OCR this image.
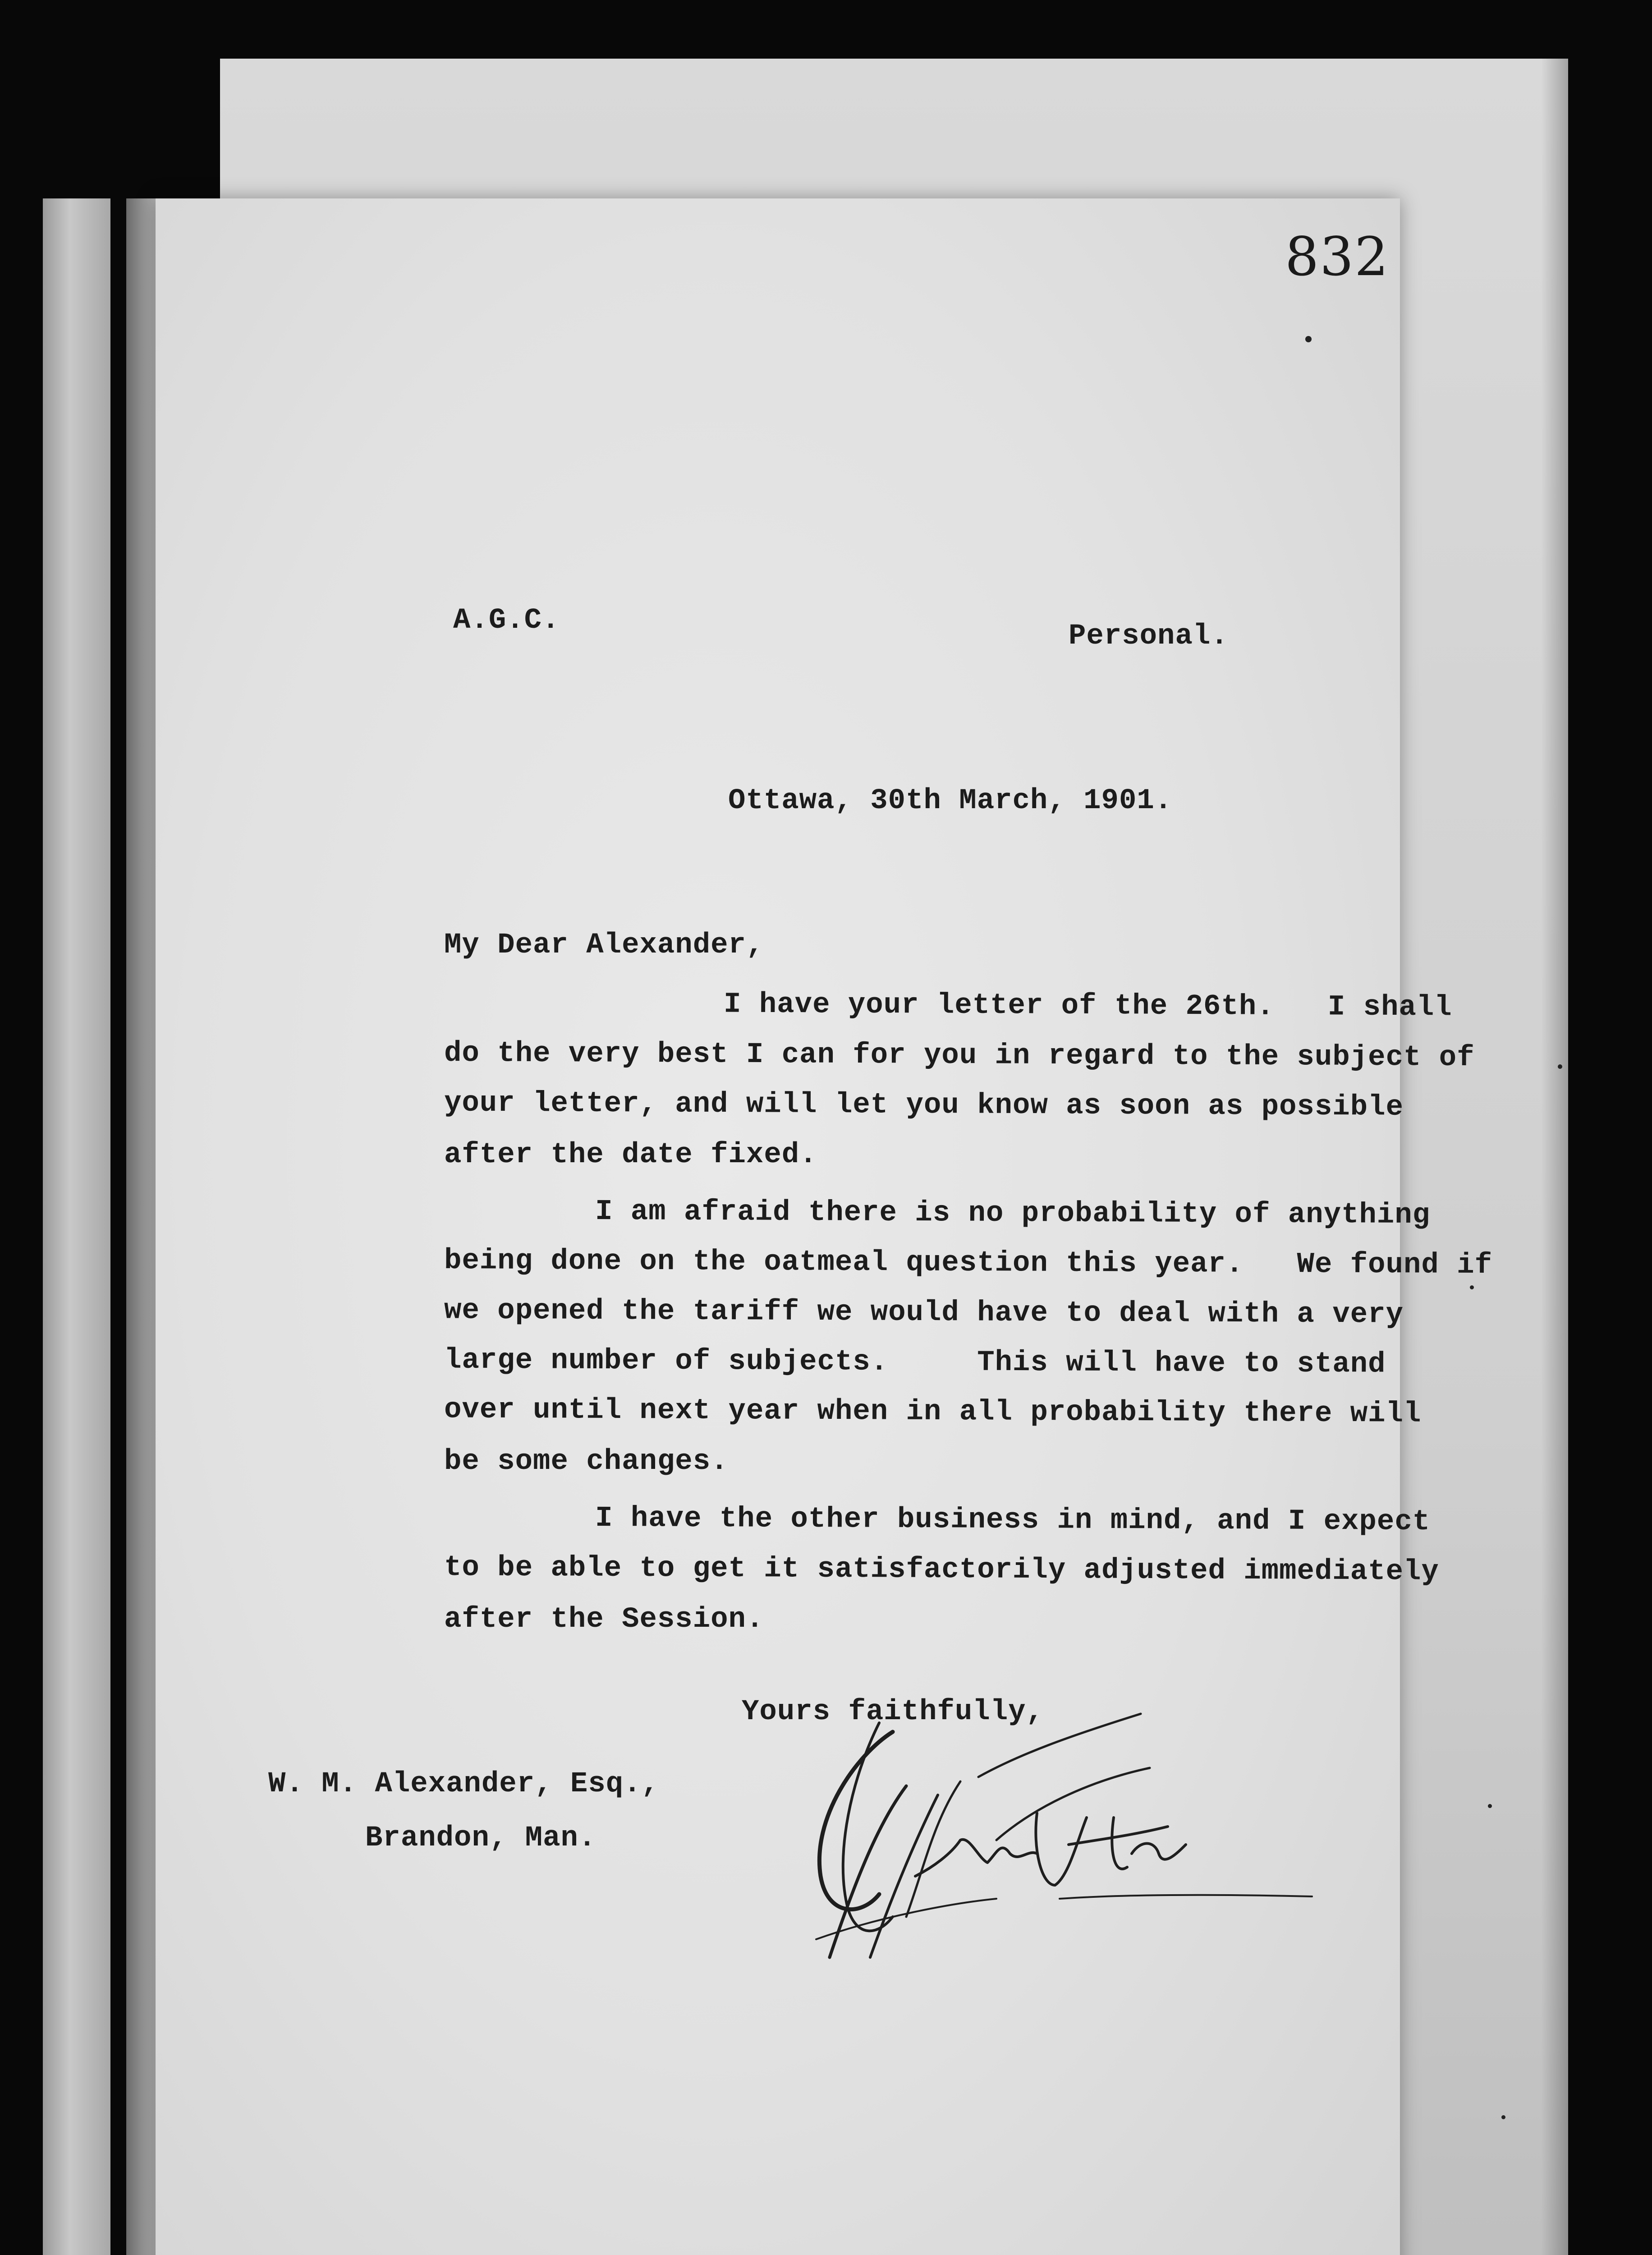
832
A.G.C.	Personal.
Ottawa, 30th March, 1901.
My Dear Alexander,
I have your letter of the 26th.   I shall
do the very best I can for you in regard to the subject of
your letter, and will let you know as soon as possible
after the date fixed.
I am afraid there is no probability of anything
being done on the oatmeal question this year.   We found if
we opened the tariff we would have to deal with a very
large number of subjects.     This will have to stand
over until next year when in all probability there will
be some changes.
I have the other business in mind, and I expect
to be able to get it satisfactorily adjusted immediately
after the Session.
Yours faithfully,
W. M. Alexander, Esq.,
Brandon, Man.
